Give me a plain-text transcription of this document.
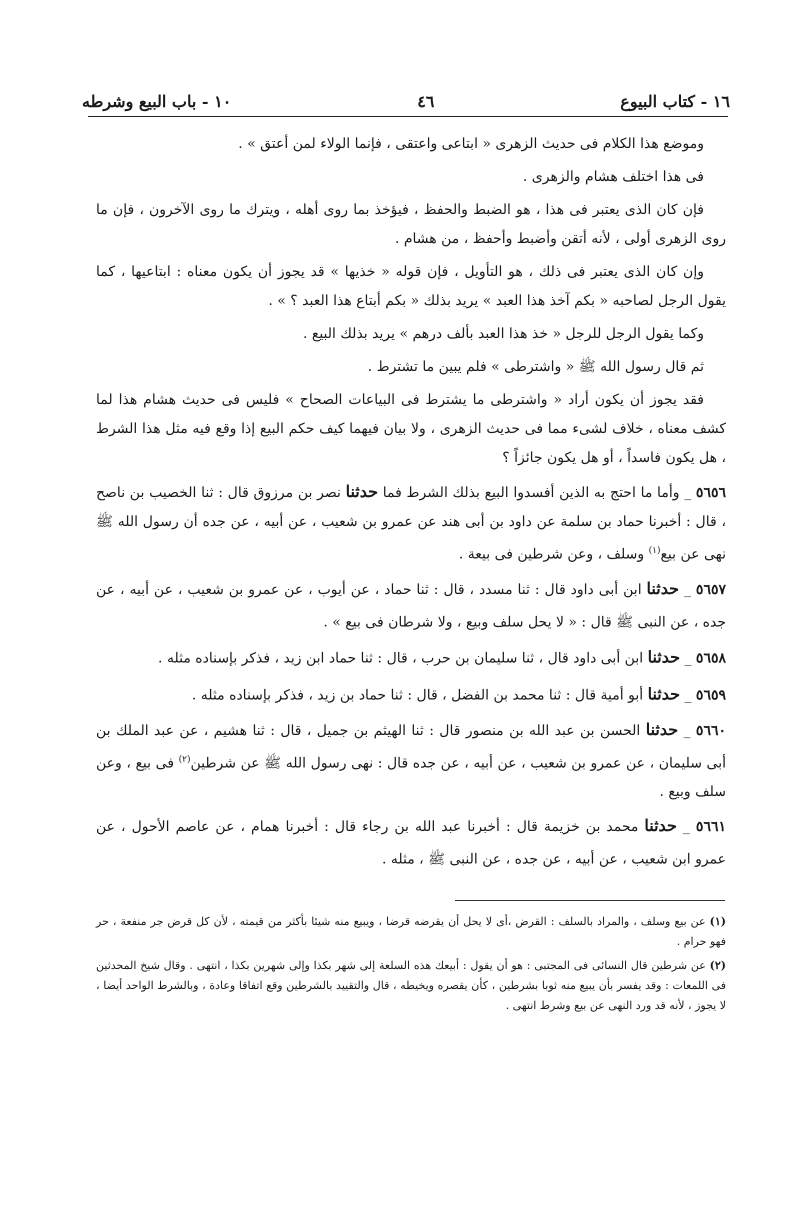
١٦ - كتاب البيوع
٤٦
١٠ - باب البيع وشرطه

وموضع هذا الكلام فى حديث الزهرى « ابتاعى واعتقى ، فإنما الولاء لمن أعتق » .

فى هذا اختلف هشام والزهرى .

فإن كان الذى يعتبر فى هذا ، هو الضبط والحفظ ، فيؤخذ بما روى أهله ، ويترك ما روى الآخرون ، فإن ما روى الزهرى أولى ، لأنه أتقن وأضبط وأحفظ ، من هشام .

وإن كان الذى يعتبر فى ذلك ، هو التأويل ، فإن قوله « خذيها » قد يجوز أن يكون معناه : ابتاعيها ، كما يقول الرجل لصاحبه « بكم آخذ هذا العبد » يريد بذلك « بكم أبتاع هذا العبد ؟ » .

وكما يقول الرجل للرجل « خذ هذا العبد بألف درهم » يريد بذلك البيع .

ثم قال رسول الله ﷺ « واشترطى » فلم يبين ما تشترط .

فقد يجوز أن يكون أراد « واشترطى ما يشترط فى البياعات الصحاح » فليس فى حديث هشام هذا لما كشف معناه ، خلاف لشىء مما فى حديث الزهرى ، ولا بيان فيهما كيف حكم البيع إذا وقع فيه مثل هذا الشرط ، هل يكون فاسداً ، أو هل يكون جائزاً ؟

٥٦٥٦ _ وأما ما احتج به الذين أفسدوا البيع بذلك الشرط فما حدثنا نصر بن مرزوق قال : ثنا الخصيب بن ناصح ، قال : أخبرنا حماد بن سلمة عن داود بن أبى هند عن عمرو بن شعيب ، عن أبيه ، عن جده أن رسول الله ﷺ نهى عن بيع$^{(١)}$ وسلف ، وعن شرطين فى بيعة .

٥٦٥٧ _ حدثنا ابن أبى داود قال : ثنا مسدد ، قال : ثنا حماد ، عن أيوب ، عن عمرو بن شعيب ، عن أبيه ، عن جده ، عن النبى ﷺ قال : « لا يحل سلف وبيع ، ولا شرطان فى بيع » .

٥٦٥٨ _ حدثنا ابن أبى داود قال ، ثنا سليمان بن حرب ، قال : ثنا حماد ابن زيد ، فذكر بإسناده مثله .

٥٦٥٩ _ حدثنا أبو أمية قال : ثنا محمد بن الفضل ، قال : ثنا حماد بن زيد ، فذكر بإسناده مثله .

٥٦٦٠ _ حدثنا الحسن بن عبد الله بن منصور قال : ثنا الهيثم بن جميل ، قال : ثنا هشيم ، عن عبد الملك بن أبى سليمان ، عن عمرو بن شعيب ، عن أبيه ، عن جده قال : نهى رسول الله ﷺ عن شرطين$^{(٢)}$ فى بيع ، وعن سلف وبيع .

٥٦٦١ _ حدثنا محمد بن خزيمة قال : أخبرنا عبد الله بن رجاء قال : أخبرنا همام ، عن عاصم الأحول ، عن عمرو ابن شعيب ، عن أبيه ، عن جده ، عن النبى ﷺ ، مثله .

(١) عن بيع وسلف ، والمراد بالسلف : القرض ،أى لا يحل أن يقرضه قرضا ، ويبيع منه شيئا بأكثر من قيمته ، لأن كل قرض جر منفعة ، حر فهو حرام .

(٢) عن شرطين قال النسائى فى المجتبى : هو أن يقول : أبيعك هذه السلعة إلى شهر بكذا وإلى شهرين بكذا ، انتهى . وقال شيخ المحدثين فى اللمعات : وقد يفسر بأن يبيع منه ثوبا بشرطين ، كأن يقصره ويخيطه ، قال والتقييد بالشرطين وقع اتفاقا وعادة ، وبالشرط الواحد أيضا ، لا يجوز ، لأنه قد ورد النهى عن بيع وشرط انتهى .
